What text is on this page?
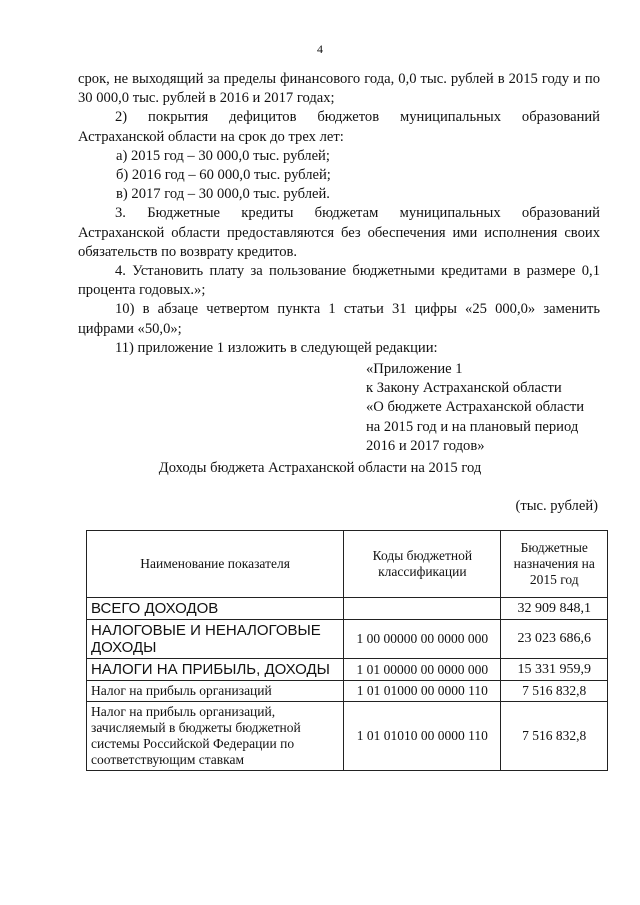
4

срок, не выходящий за пределы финансового года, 0,0 тыс. рублей в 2015 году и по 30 000,0 тыс. рублей в 2016 и 2017 годах;

2) покрытия дефицитов бюджетов муниципальных образований Астраханской области на срок до трех лет:

а) 2015 год – 30 000,0 тыс. рублей;

б) 2016 год – 60 000,0 тыс. рублей;

в) 2017 год – 30 000,0 тыс. рублей.

3. Бюджетные кредиты бюджетам муниципальных образований Астраханской области предоставляются без обеспечения ими исполнения своих обязательств по возврату кредитов.

4. Установить плату за пользование бюджетными кредитами в размере 0,1 процента годовых.»;

10) в абзаце четвертом пункта 1 статьи 31 цифры «25 000,0» заменить цифрами «50,0»;

11) приложение 1 изложить в следующей редакции:

«Приложение 1
к Закону Астраханской области
«О бюджете Астраханской области
на 2015 год и на плановый период
2016 и 2017 годов»
Доходы бюджета Астраханской области на 2015 год
(тыс. рублей)
Наименование показателя	Коды бюджетной классификации	Бюджетные назначения на 2015 год
ВСЕГО ДОХОДОВ		32 909 848,1
НАЛОГОВЫЕ И НЕНАЛОГОВЫЕ ДОХОДЫ	1 00 00000 00 0000 000	23 023 686,6
НАЛОГИ НА ПРИБЫЛЬ, ДОХОДЫ	1 01 00000 00 0000 000	15 331 959,9
Налог на прибыль организаций	1 01 01000 00 0000 110	7 516 832,8
Налог на прибыль организаций, зачисляемый в бюджеты бюджетной системы Российской Федерации по соответствующим ставкам	1 01 01010 00 0000 110	7 516 832,8
